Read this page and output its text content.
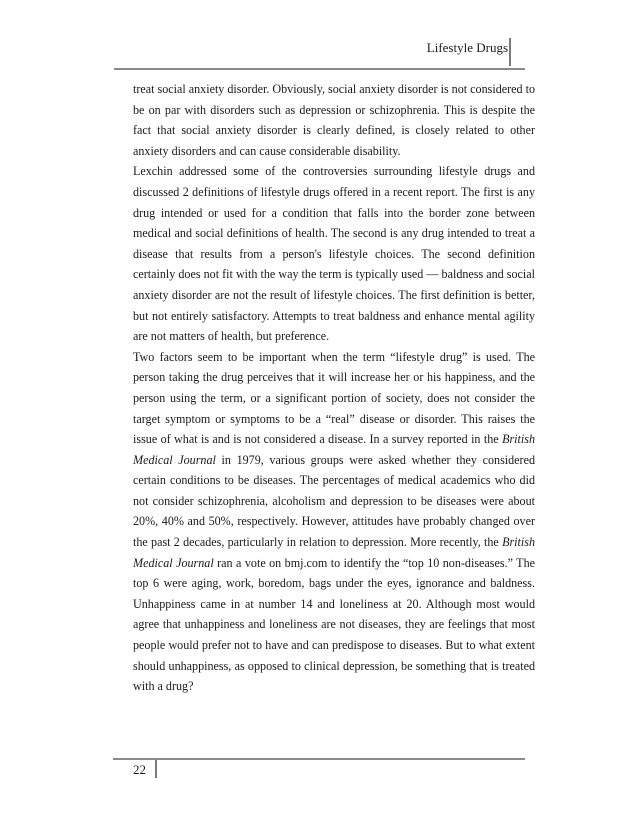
Lifestyle Drugs

treat social anxiety disorder. Obviously, social anxiety disorder is not considered to be on par with disorders such as depression or schizophrenia. This is despite the fact that social anxiety disorder is clearly defined, is closely related to other anxiety disorders and can cause considerable disability.

Lexchin addressed some of the controversies surrounding lifestyle drugs and discussed 2 definitions of lifestyle drugs offered in a recent report. The first is any drug intended or used for a condition that falls into the border zone between medical and social definitions of health. The second is any drug intended to treat a disease that results from a person's lifestyle choices. The second definition certainly does not fit with the way the term is typically used — baldness and social anxiety disorder are not the result of lifestyle choices. The first definition is better, but not entirely satisfactory. Attempts to treat baldness and enhance mental agility are not matters of health, but preference.

Two factors seem to be important when the term “lifestyle drug” is used. The person taking the drug perceives that it will increase her or his happiness, and the person using the term, or a significant portion of society, does not consider the target symptom or symptoms to be a “real” disease or disorder. This raises the issue of what is and is not considered a disease. In a survey reported in the British Medical Journal in 1979, various groups were asked whether they considered certain conditions to be diseases. The percentages of medical academics who did not consider schizophrenia, alcoholism and depression to be diseases were about 20%, 40% and 50%, respectively. However, attitudes have probably changed over the past 2 decades, particularly in relation to depression. More recently, the British Medical Journal ran a vote on bmj.com to identify the “top 10 non-diseases.” The top 6 were aging, work, boredom, bags under the eyes, ignorance and baldness. Unhappiness came in at number 14 and loneliness at 20. Although most would agree that unhappiness and loneliness are not diseases, they are feelings that most people would prefer not to have and can predispose to diseases. But to what extent should unhappiness, as opposed to clinical depression, be something that is treated with a drug?

22
